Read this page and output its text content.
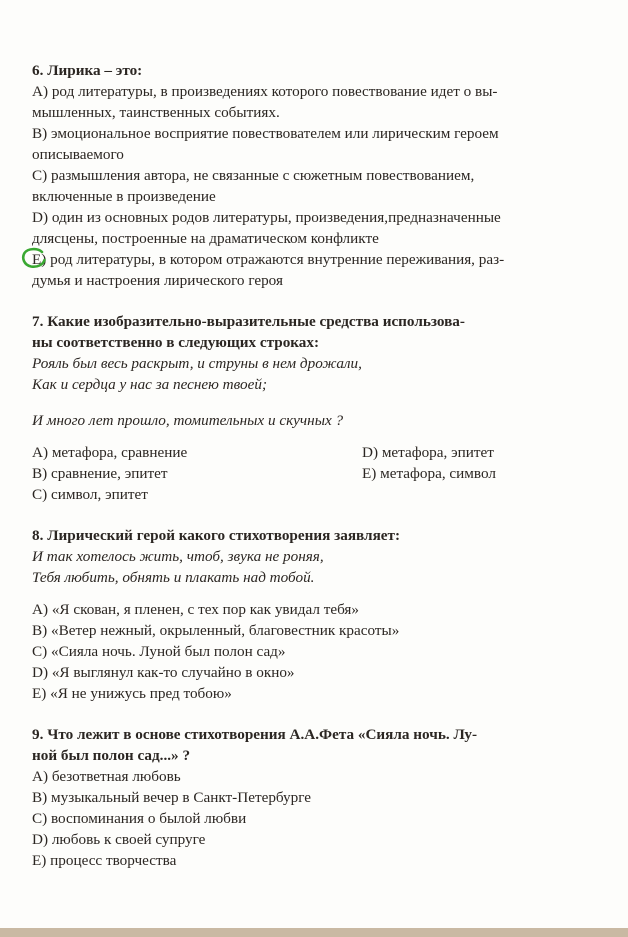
6. Лирика – это:

А) род литературы, в произведениях которого повествование идет о вы-

мышленных, таинственных событиях.

В) эмоциональное восприятие повествователем или лирическим героем

описываемого

С) размышления автора, не связанные с сюжетным повествованием,

включенные в произведение

D) один из основных родов литературы, произведения,предназначенные

длясцены, построенные на драматическом конфликте

Е) род литературы, в котором отражаются внутренние переживания, раз-

думья и настроения лирического героя

7. Какие изобразительно-выразительные средства использова-

ны соответственно в следующих строках:

Рояль был весь раскрыт, и струны в нем дрожали,

Как и сердца у нас за песнею твоей;

И много лет прошло, томительных и скучных ?

А) метафора, сравнение

В) сравнение, эпитет

С) символ, эпитет

D) метафора, эпитет

Е) метафора, символ

8. Лирический герой какого стихотворения заявляет:

И так хотелось жить, чтоб, звука не роняя,

Тебя любить, обнять и плакать над тобой.

А) «Я скован, я пленен, с тех пор как увидал тебя»

В) «Ветер нежный, окрыленный, благовестник красоты»

С) «Сияла ночь. Луной был полон сад»

D) «Я выглянул как-то случайно в окно»

Е) «Я не унижусь пред тобою»

9. Что лежит в основе стихотворения А.А.Фета «Сияла ночь. Лу-

ной был полон сад...» ?

А) безответная любовь

В) музыкальный вечер в Санкт-Петербурге

С) воспоминания о былой любви

D) любовь к своей супруге

Е) процесс творчества
